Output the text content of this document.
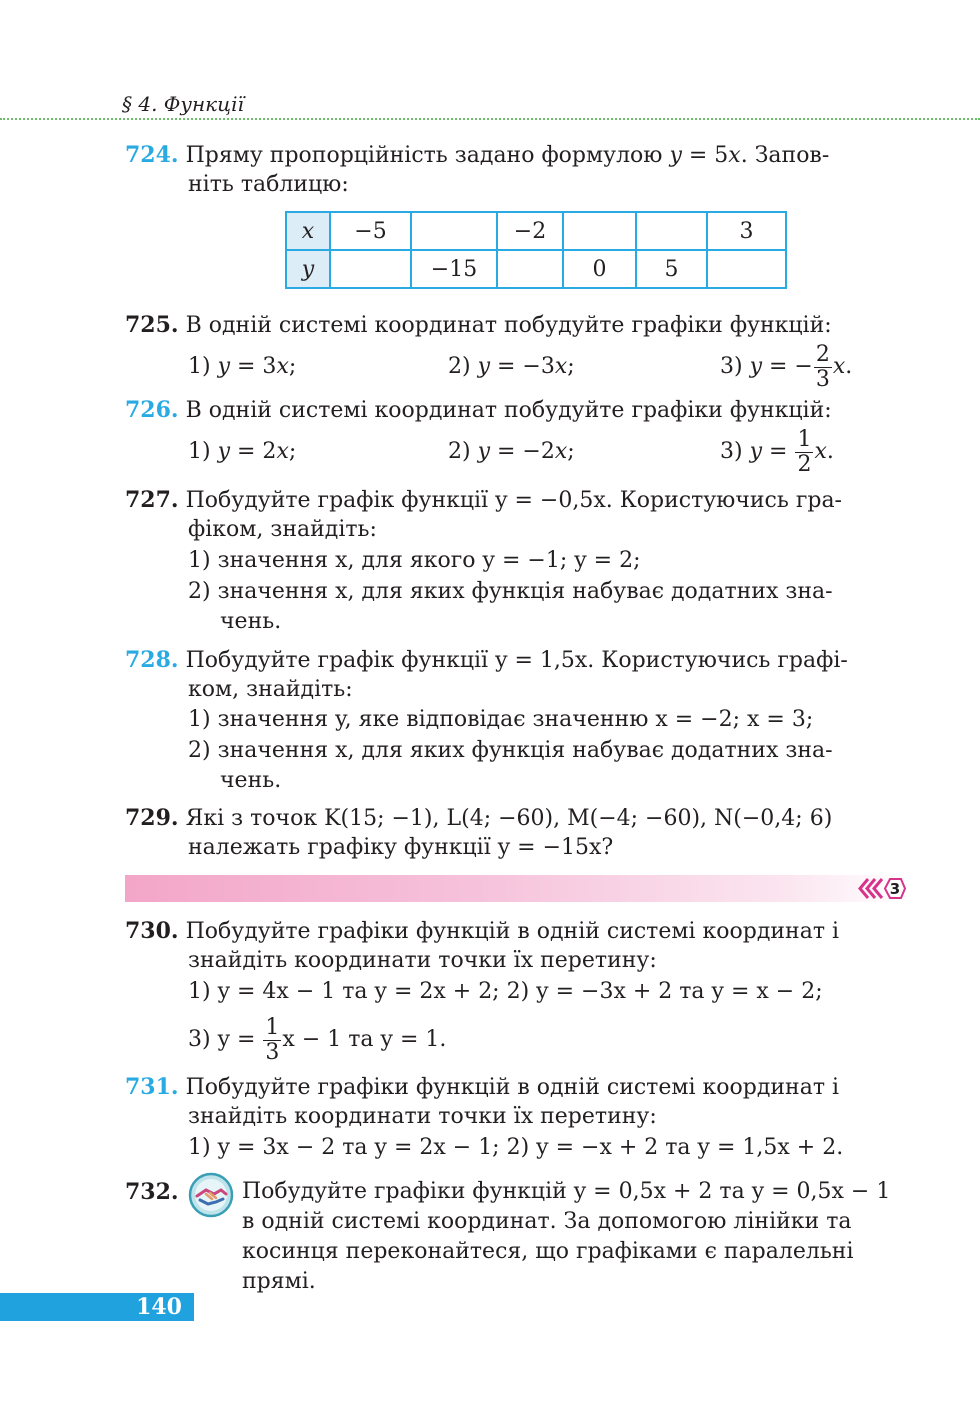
§ 4. Функції
724. Пряму пропорційність задано формулою y = 5x. Запов-
ніть таблицю:
x	−5		−2			3
y		−15		0	5	
725. В одній системі координат побудуйте графіки функцій:
1) y = 3x;	2) y = −3x;	3) y = − $\frac{2}{3} x$.
726. В одній системі координат побудуйте графіки функцій:
1) y = 2x;	2) y = −2x;	3) $y = \frac{1}{2} x$.
727. Побудуйте графік функції y = −0,5x. Користуючись гра-
фіком, знайдіть:
1) значення x, для якого y = −1; y = 2;
2) значення x, для яких функція набуває додатних зна-
чень.
728. Побудуйте графік функції y = 1,5x. Користуючись графі-
ком, знайдіть:
1) значення y, яке відповідає значенню x = −2; x = 3;
2) значення x, для яких функція набуває додатних зна-
чень.
729. Які з точок K(15; −1), L(4; −60), M(−4; −60), N(−0,4; 6)
належать графіку функції y = −15x?
3
730. Побудуйте графіки функцій в одній системі координат і
знайдіть координати точки їх перетину:
1) y = 4x − 1 та y = 2x + 2; 2) y = −3x + 2 та y = x − 2;
3) $y = \frac{1}{3}$ x − 1 та y = 1.
731. Побудуйте графіки функцій в одній системі координат і
знайдіть координати точки їх перетину:
1) y = 3x − 2 та y = 2x − 1; 2) y = −x + 2 та y = 1,5x + 2.
732.	Побудуйте графіки функцій y = 0,5x + 2 та y = 0,5x − 1
в одній системі координат. За допомогою лінійки та
косинця переконайтеся, що графіками є паралельні
прямі.
140
